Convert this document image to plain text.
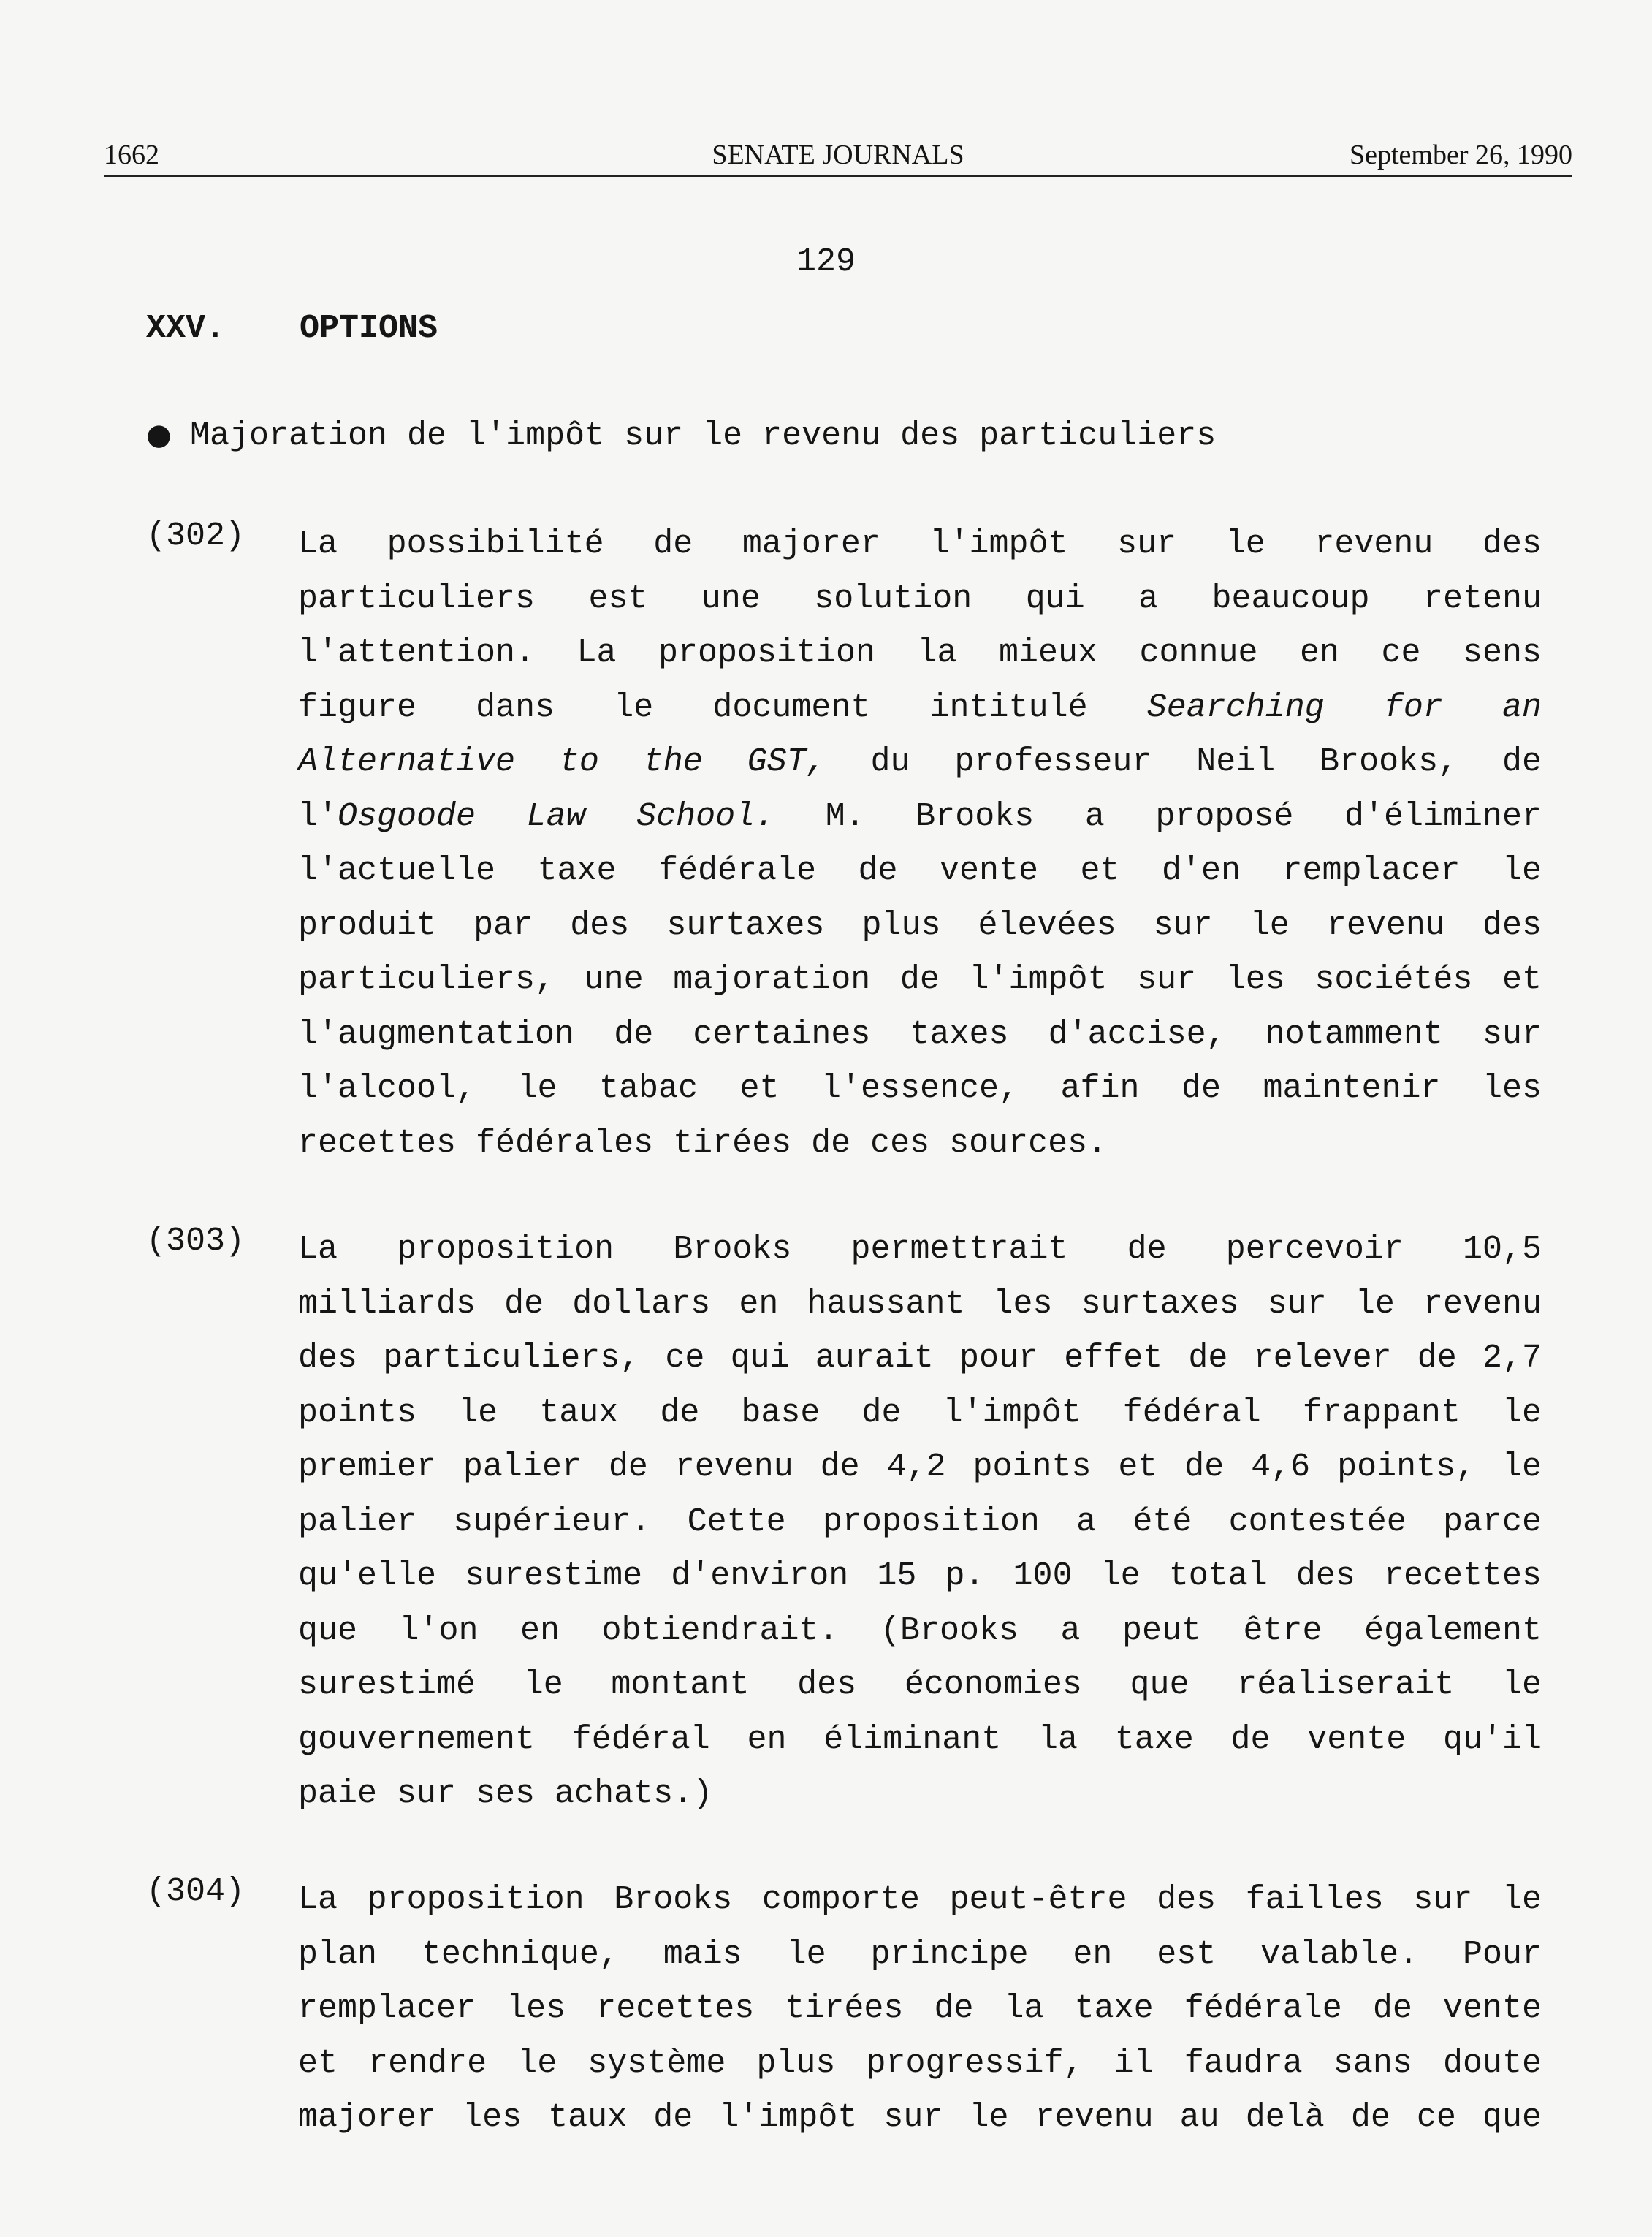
1662	SENATE JOURNALS	September 26, 1990
129
XXV. OPTIONS
● Majoration de l'impôt sur le revenu des particuliers
(302) La possibilité de majorer l'impôt sur le revenu des
particuliers est une solution qui a beaucoup retenu
l'attention. La proposition la mieux connue en ce sens
figure dans le document intitulé Searching for an
Alternative to the GST, du professeur Neil Brooks, de
l'Osgoode Law School. M. Brooks a proposé d'éliminer
l'actuelle taxe fédérale de vente et d'en remplacer le
produit par des surtaxes plus élevées sur le revenu des
particuliers, une majoration de l'impôt sur les sociétés et
l'augmentation de certaines taxes d'accise, notamment sur
l'alcool, le tabac et l'essence, afin de maintenir les
recettes fédérales tirées de ces sources.
(303) La proposition Brooks permettrait de percevoir 10,5
milliards de dollars en haussant les surtaxes sur le revenu
des particuliers, ce qui aurait pour effet de relever de 2,7
points le taux de base de l'impôt fédéral frappant le
premier palier de revenu de 4,2 points et de 4,6 points, le
palier supérieur. Cette proposition a été contestée parce
qu'elle surestime d'environ 15 p. 100 le total des recettes
que l'on en obtiendrait. (Brooks a peut être également
surestimé le montant des économies que réaliserait le
gouvernement fédéral en éliminant la taxe de vente qu'il
paie sur ses achats.)
(304) La proposition Brooks comporte peut-être des failles sur le
plan technique, mais le principe en est valable. Pour
remplacer les recettes tirées de la taxe fédérale de vente
et rendre le système plus progressif, il faudra sans doute
majorer les taux de l'impôt sur le revenu au delà de ce que
